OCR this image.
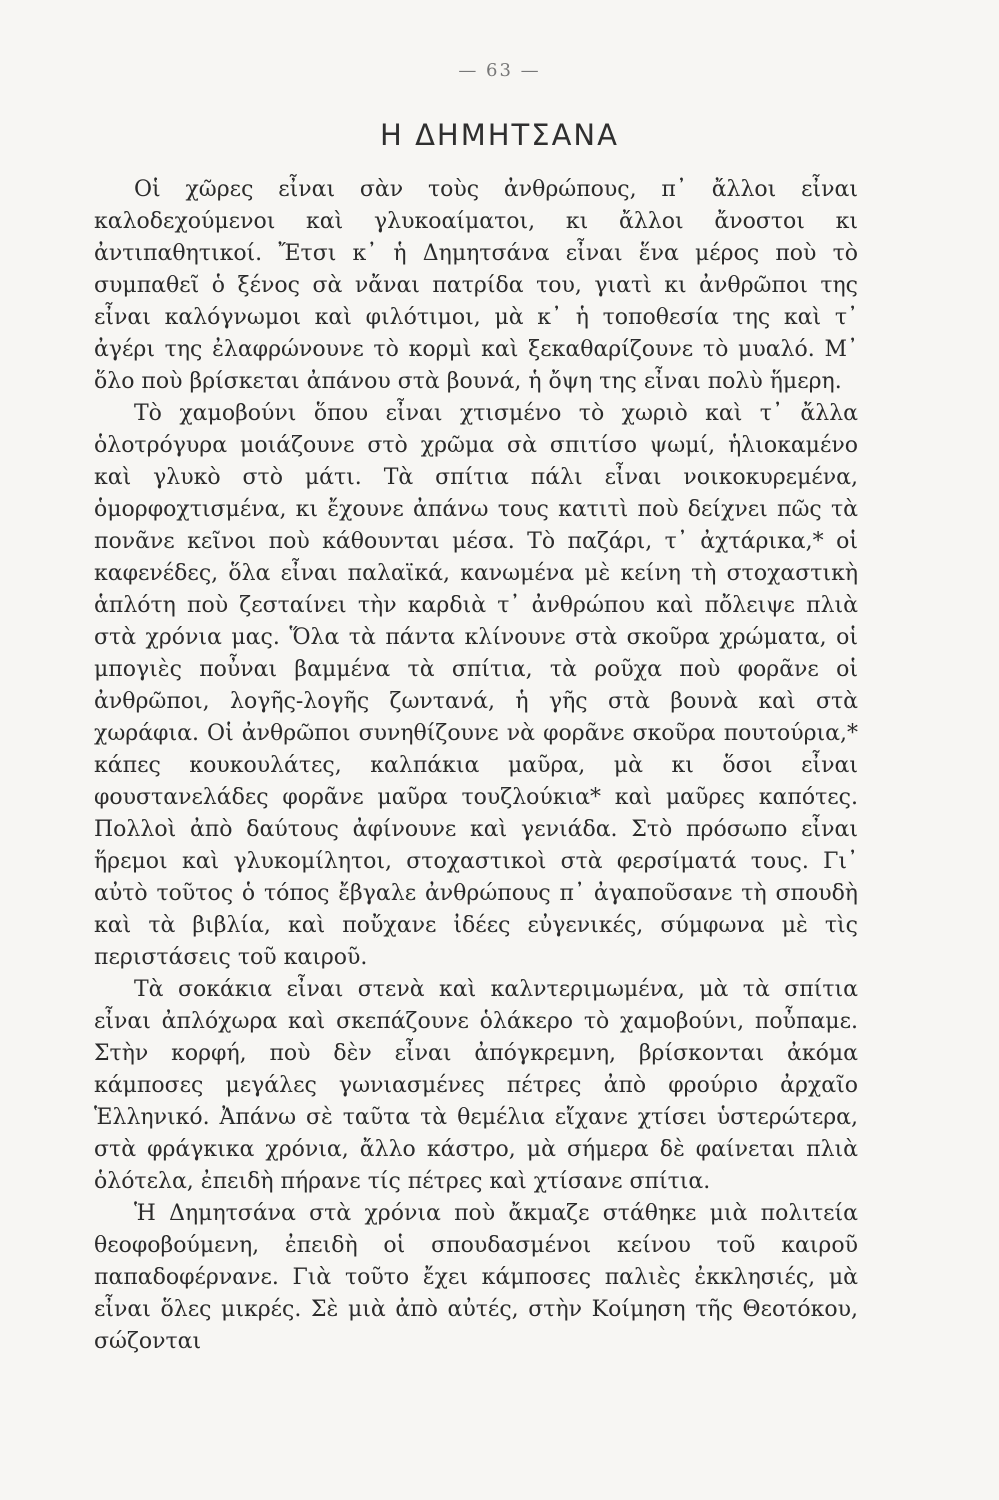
— 63 —
Η ΔΗΜΗΤΣΑΝΑ

Οἱ χῶρες εἶναι σὰν τοὺς ἀνθρώπους, π᾿ ἄλλοι εἶναι καλοδεχούμενοι καὶ γλυκοαίματοι, κι ἄλλοι ἄνοστοι κι ἀντιπαθητικοί. Ἔτσι κ᾿ ἡ Δημητσάνα εἶναι ἕνα μέρος ποὺ τὸ συμπαθεῖ ὁ ξένος σὰ νἄναι πατρίδα του, γιατὶ κι ἀνθρῶποι της εἶναι καλόγνωμοι καὶ φιλότιμοι, μὰ κ᾿ ἡ τοποθεσία της καὶ τ᾿ ἀγέρι της ἐλαφρώνουνε τὸ κορμὶ καὶ ξεκαθαρίζουνε τὸ μυαλό. Μ᾿ ὅλο ποὺ βρίσκεται ἀπάνου στὰ βουνά, ἡ ὄψη της εἶναι πολὺ ἥμερη.

Τὸ χαμοβούνι ὅπου εἶναι χτισμένο τὸ χωριὸ καὶ τ᾿ ἄλλα ὁλοτρόγυρα μοιάζουνε στὸ χρῶμα σὰ σπιτίσο ψωμί, ἡλιοκαμένο καὶ γλυκὸ στὸ μάτι. Τὰ σπίτια πάλι εἶναι νοικοκυρεμένα, ὁμορφοχτισμένα, κι ἔχουνε ἀπάνω τους κατιτὶ ποὺ δείχνει πῶς τὰ πονᾶνε κεῖνοι ποὺ κάθουνται μέσα. Τὸ παζάρι, τ᾿ ἀχτάρικα,* οἱ καφενέδες, ὅλα εἶναι παλαϊκά, κανωμένα μὲ κείνη τὴ στοχαστικὴ ἁπλότη ποὺ ζεσταίνει τὴν καρδιὰ τ᾿ ἀνθρώπου καὶ πὄλειψε πλιὰ στὰ χρόνια μας. Ὅλα τὰ πάντα κλίνουνε στὰ σκοῦρα χρώματα, οἱ μπογιὲς ποὖναι βαμμένα τὰ σπίτια, τὰ ροῦχα ποὺ φορᾶνε οἱ ἀνθρῶποι, λογῆς-λογῆς ζωντανά, ἡ γῆς στὰ βουνὰ καὶ στὰ χωράφια. Οἱ ἀνθρῶποι συνηθίζουνε νὰ φορᾶνε σκοῦρα πουτούρια,* κάπες κουκουλάτες, καλπάκια μαῦρα, μὰ κι ὅσοι εἶναι φουστανελάδες φορᾶνε μαῦρα τουζλούκια* καὶ μαῦρες καπότες. Πολλοὶ ἀπὸ δαύτους ἀφίνουνε καὶ γενιάδα. Στὸ πρόσωπο εἶναι ἥρεμοι καὶ γλυκομίλητοι, στοχαστικοὶ στὰ φερσίματά τους. Γι᾿ αὐτὸ τοῦτος ὁ τόπος ἔβγαλε ἀνθρώπους π᾿ ἀγαποῦσανε τὴ σπουδὴ καὶ τὰ βιβλία, καὶ ποὔχανε ἰδέες εὐγενικές, σύμφωνα μὲ τὶς περιστάσεις τοῦ καιροῦ.

Τὰ σοκάκια εἶναι στενὰ καὶ καλντεριμωμένα, μὰ τὰ σπίτια εἶναι ἀπλόχωρα καὶ σκεπάζουνε ὁλάκερο τὸ χαμοβούνι, ποὖπαμε. Στὴν κορφή, ποὺ δὲν εἶναι ἀπόγκρεμνη, βρίσκονται ἀκόμα κάμποσες μεγάλες γωνιασμένες πέτρες ἀπὸ φρούριο ἀρχαῖο Ἑλληνικό. Ἀπάνω σὲ ταῦτα τὰ θεμέλια εἴχανε χτίσει ὑστερώτερα, στὰ φράγκικα χρόνια, ἄλλο κάστρο, μὰ σήμερα δὲ φαίνεται πλιὰ ὁλότελα, ἐπειδὴ πήρανε τίς πέτρες καὶ χτίσανε σπίτια.

Ἡ Δημητσάνα στὰ χρόνια ποὺ ἄκμαζε στάθηκε μιὰ πολιτεία θεοφοβούμενη, ἐπειδὴ οἱ σπουδασμένοι κείνου τοῦ καιροῦ παπαδοφέρνανε. Γιὰ τοῦτο ἔχει κάμποσες παλιὲς ἐκκλησιές, μὰ εἶναι ὅλες μικρές. Σὲ μιὰ ἀπὸ αὐτές, στὴν Κοίμηση τῆς Θεοτόκου, σώζονται
